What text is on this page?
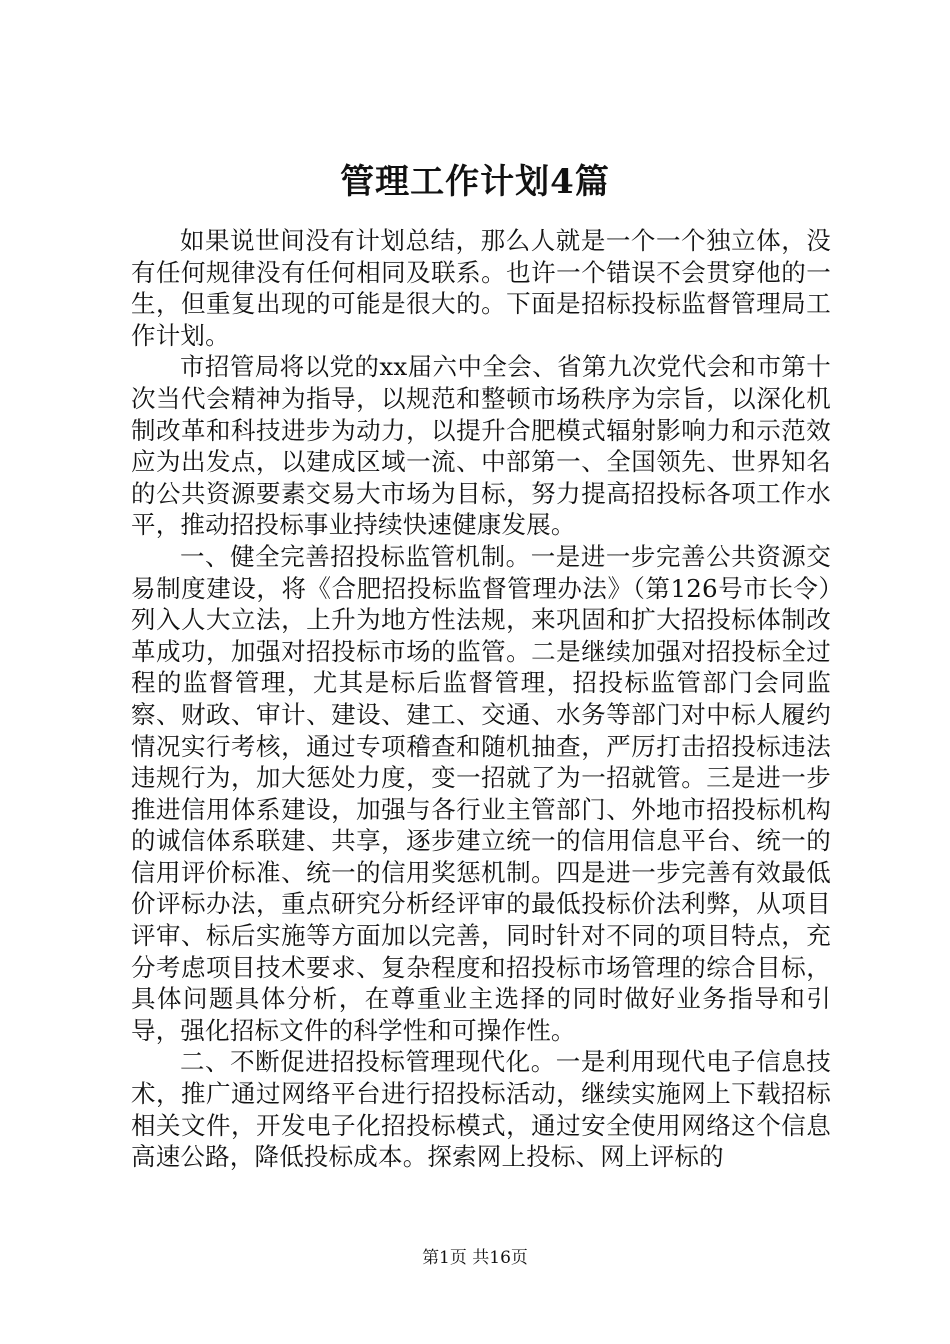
管理工作计划4篇

如果说世间没有计划总结，那么人就是一个一个独立体，没有任何规律没有任何相同及联系。也许一个错误不会贯穿他的一生，但重复出现的可能是很大的。下面是招标投标监督管理局工作计划。

市招管局将以党的xx届六中全会、省第九次党代会和市第十次当代会精神为指导，以规范和整顿市场秩序为宗旨，以深化机制改革和科技进步为动力，以提升合肥模式辐射影响力和示范效应为出发点，以建成区域一流、中部第一、全国领先、世界知名的公共资源要素交易大市场为目标，努力提高招投标各项工作水平，推动招投标事业持续快速健康发展。

一、健全完善招投标监管机制。一是进一步完善公共资源交易制度建设，将《合肥招投标监督管理办法》（第126号市长令）列入人大立法，上升为地方性法规，来巩固和扩大招投标体制改革成功，加强对招投标市场的监管。二是继续加强对招投标全过程的监督管理，尤其是标后监督管理，招投标监管部门会同监察、财政、审计、建设、建工、交通、水务等部门对中标人履约情况实行考核，通过专项稽查和随机抽查，严厉打击招投标违法违规行为，加大惩处力度，变一招就了为一招就管。三是进一步推进信用体系建设，加强与各行业主管部门、外地市招投标机构的诚信体系联建、共享，逐步建立统一的信用信息平台、统一的信用评价标准、统一的信用奖惩机制。四是进一步完善有效最低价评标办法，重点研究分析经评审的最低投标价法利弊，从项目评审、标后实施等方面加以完善，同时针对不同的项目特点，充分考虑项目技术要求、复杂程度和招投标市场管理的综合目标，具体问题具体分析，在尊重业主选择的同时做好业务指导和引导，强化招标文件的科学性和可操作性。

二、不断促进招投标管理现代化。一是利用现代电子信息技术，推广通过网络平台进行招投标活动，继续实施网上下载招标相关文件，开发电子化招投标模式，通过安全使用网络这个信息高速公路，降低投标成本。探索网上投标、网上评标的

第1页 共16页
